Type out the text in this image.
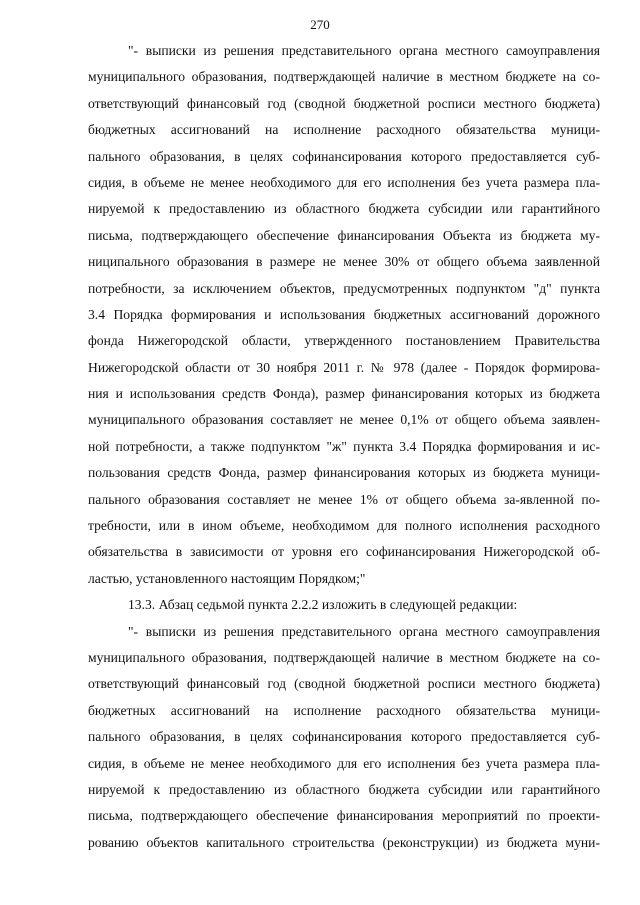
270
"- выписки из решения представительного органа местного самоуправления
муниципального образования, подтверждающей наличие в местном бюджете на со-
ответствующий финансовый год (сводной бюджетной росписи местного бюджета)
бюджетных ассигнований на исполнение расходного обязательства муници-
пального образования, в целях софинансирования которого предоставляется суб-
сидия, в объеме не менее необходимого для его исполнения без учета размера пла-
нируемой к предоставлению из областного бюджета субсидии или гарантийного
письма, подтверждающего обеспечение финансирования Объекта из бюджета му-
ниципального образования в размере не менее 30% от общего объема заявленной
потребности, за исключением объектов, предусмотренных подпунктом "д" пункта
3.4 Порядка формирования и использования бюджетных ассигнований дорожного
фонда Нижегородской области, утвержденного постановлением Правительства
Нижегородской области от 30 ноября 2011 г. № 978 (далее - Порядок формирова-
ния и использования средств Фонда), размер финансирования которых из бюджета
муниципального образования составляет не менее 0,1% от общего объема заявлен-
ной потребности, а также подпунктом "ж" пункта 3.4 Порядка формирования и ис-
пользования средств Фонда, размер финансирования которых из бюджета муници-
пального образования составляет не менее 1% от общего объема за-явленной по-
требности, или в ином объеме, необходимом для полного исполнения расходного
обязательства в зависимости от уровня его софинансирования Нижегородской об-
ластью, установленного настоящим Порядком;"
13.3. Абзац седьмой пункта 2.2.2 изложить в следующей редакции:
"- выписки из решения представительного органа местного самоуправления
муниципального образования, подтверждающей наличие в местном бюджете на со-
ответствующий финансовый год (сводной бюджетной росписи местного бюджета)
бюджетных ассигнований на исполнение расходного обязательства муници-
пального образования, в целях софинансирования которого предоставляется суб-
сидия, в объеме не менее необходимого для его исполнения без учета размера пла-
нируемой к предоставлению из областного бюджета субсидии или гарантийного
письма, подтверждающего обеспечение финансирования мероприятий по проекти-
рованию объектов капитального строительства (реконструкции) из бюджета муни-
